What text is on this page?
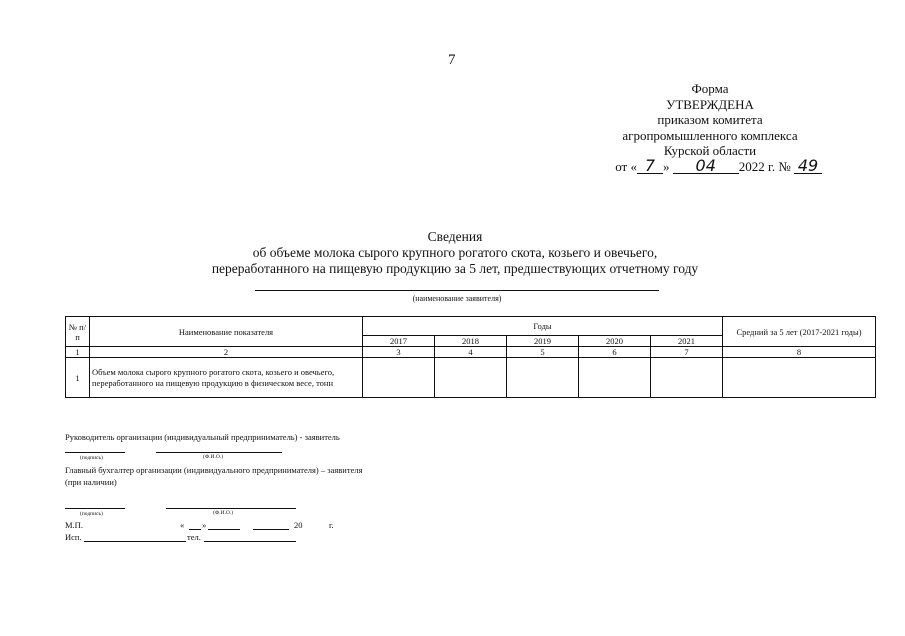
7
Форма
УТВЕРЖДЕНА
приказом комитета
агропромышленного комплекса
Курской области
от « 7 » 04 2022 г. № 49
Сведения
об объеме молока сырого крупного рогатого скота, козьего и овечьего,
переработанного на пищевую продукцию за 5 лет, предшествующих отчетному году
(наименование заявителя)
№ п/п	Наименование показателя	Годы					Средний за 5 лет (2017-2021 годы)
		2017	2018	2019	2020	2021	
1	2	3	4	5	6	7	8
1	Объем молока сырого крупного рогатого скота, козьего и овечьего, переработанного на пищевую продукцию в физическом весе, тонн						
Руководитель организации (индивидуальный предприниматель) - заявитель
(подпись)	(Ф.И.О.)
Главный бухгалтер организации (индивидуального предпринимателя) – заявителя
(при наличии)
(подпись)	(Ф.И.О.)
М.П.	« »	20	г.
Исп.	тел.
